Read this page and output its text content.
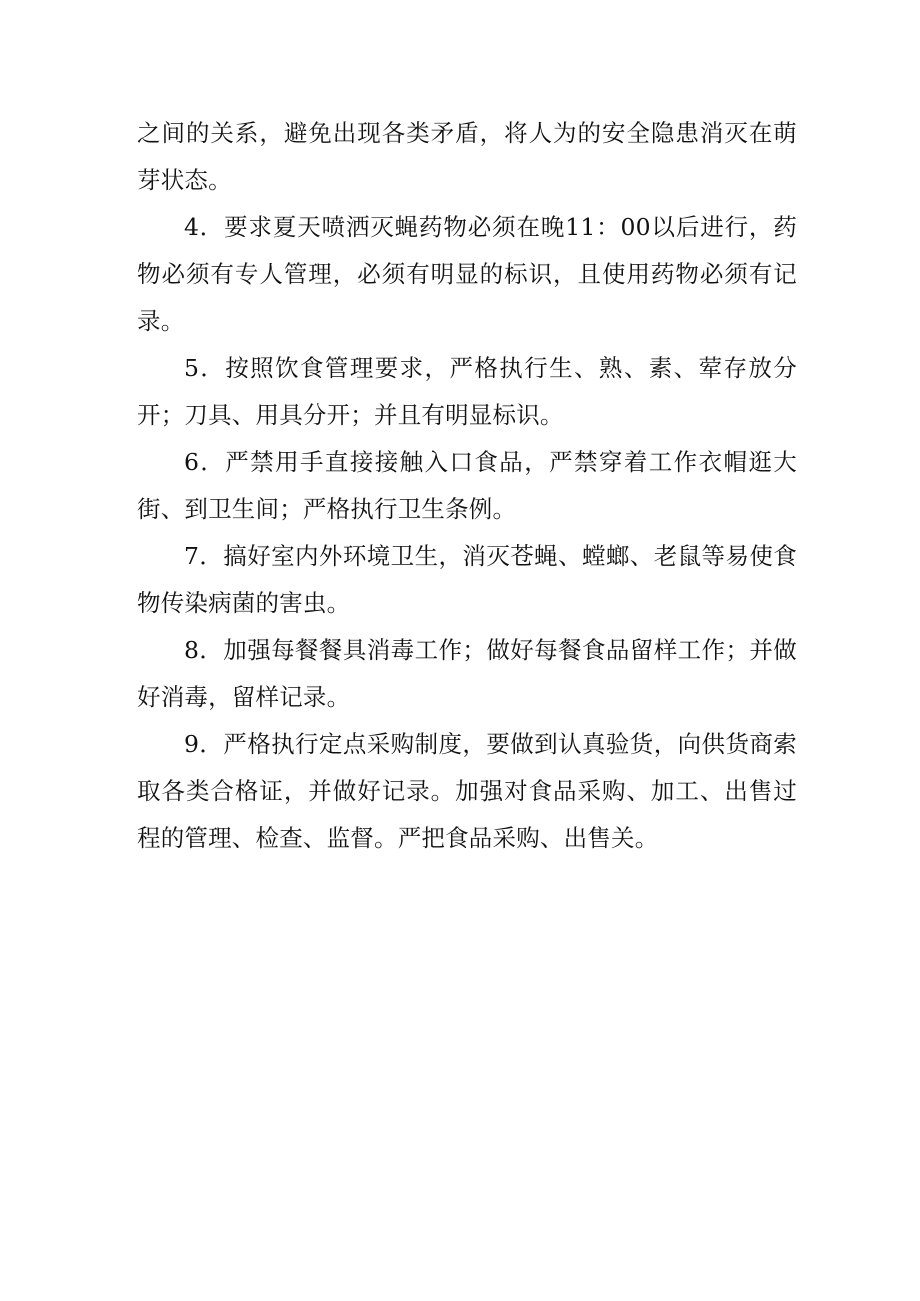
之间的关系，避免出现各类矛盾，将人为的安全隐患消灭在萌芽状态。

4．要求夏天喷洒灭蝇药物必须在晚11：00以后进行，药物必须有专人管理，必须有明显的标识，且使用药物必须有记录。

5．按照饮食管理要求，严格执行生、熟、素、荤存放分开；刀具、用具分开；并且有明显标识。

6．严禁用手直接接触入口食品，严禁穿着工作衣帽逛大街、到卫生间；严格执行卫生条例。

7．搞好室内外环境卫生，消灭苍蝇、螳螂、老鼠等易使食物传染病菌的害虫。

8．加强每餐餐具消毒工作；做好每餐食品留样工作；并做好消毒，留样记录。

9．严格执行定点采购制度，要做到认真验货，向供货商索取各类合格证，并做好记录。加强对食品采购、加工、出售过程的管理、检查、监督。严把食品采购、出售关。
